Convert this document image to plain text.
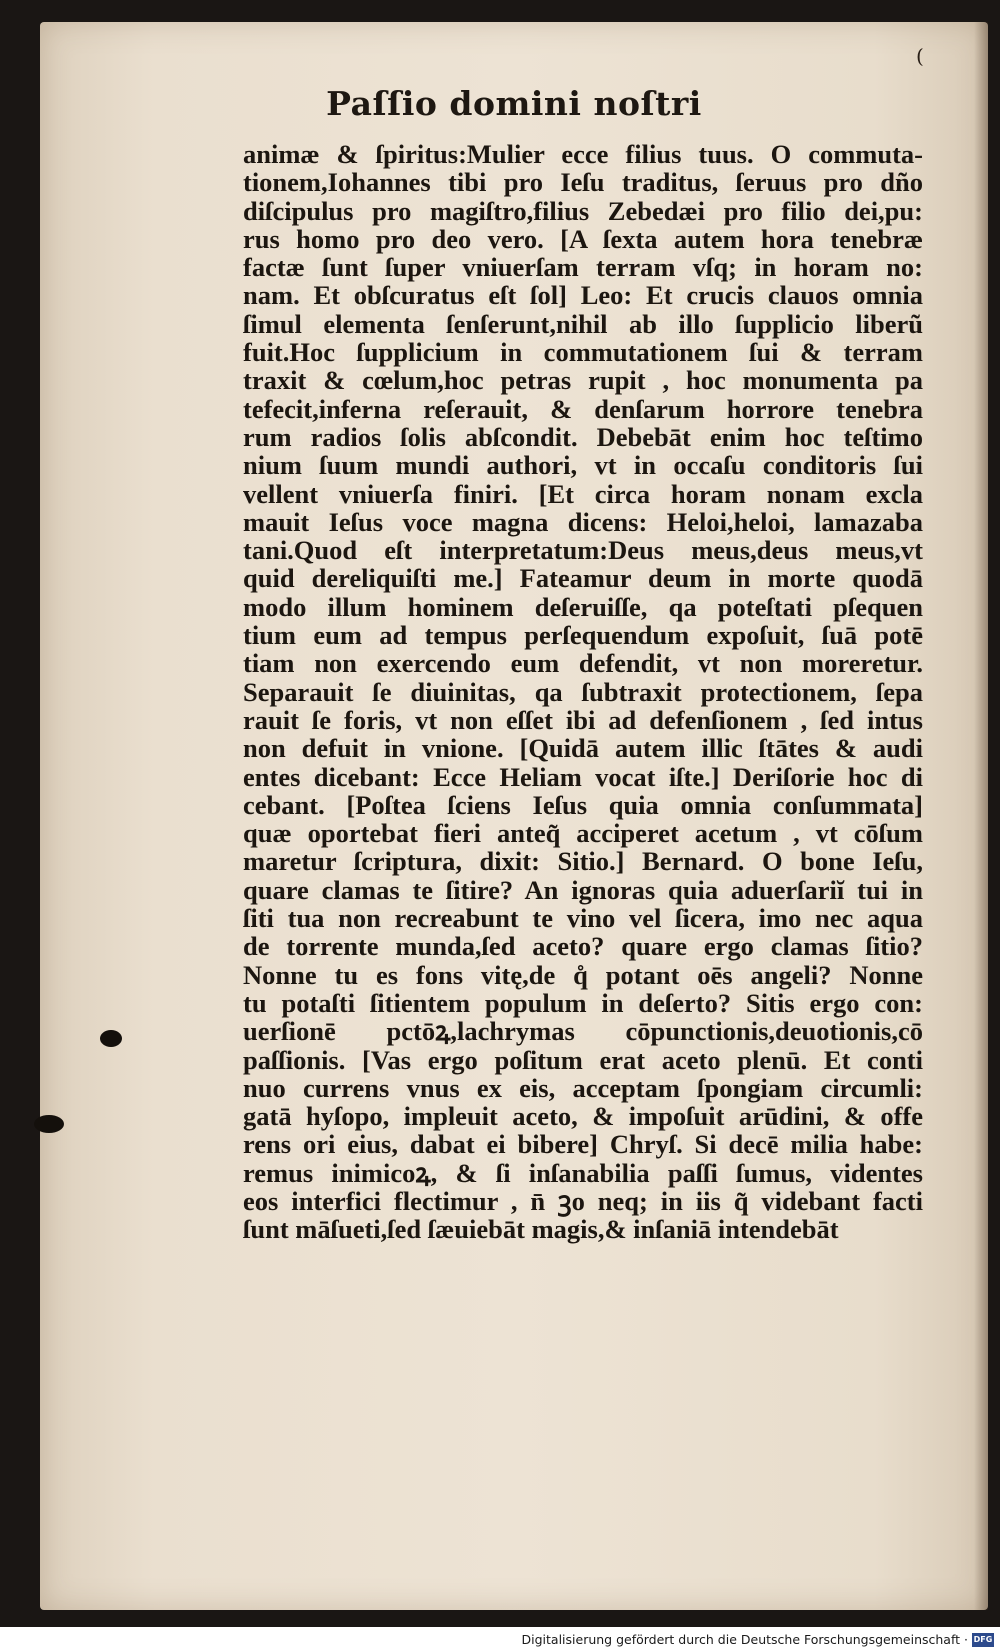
(
Paſſio domini noſtri
animæ & ſpiritus:Mulier ecce filius tuus. O commuta‑
tionem,Iohannes tibi pro Ieſu traditus, ſeruus pro dño
diſcipulus pro magiſtro,filius Zebedæi pro filio dei,pu:
rus homo pro deo vero. [A ſexta autem hora tenebræ
factæ ſunt ſuper vniuerſam terram vſq; in horam no:
nam. Et obſcuratus eſt ſol] Leo: Et crucis clauos omnia
ſimul elementa ſenſerunt,nihil ab illo ſupplicio liberũ
fuit.Hoc ſupplicium in commutationem ſui & terram
traxit & cœlum,hoc petras rupit , hoc monumenta pa
tefecit,inferna reſerauit, & denſarum horrore tenebra
rum radios ſolis abſcondit. Debebāt enim hoc teſtimo
nium ſuum mundi authori, vt in occaſu conditoris ſui
vellent vniuerſa finiri. [Et circa horam nonam excla
mauit Ieſus voce magna dicens: Heloi,heloi, lamazaba
tani.Quod eſt interpretatum:Deus meus,deus meus,vt
quid dereliquiſti me.] Fateamur deum in morte quodā
modo illum hominem deſeruiſſe, qa poteſtati pſequen
tium eum ad tempus perſequendum expoſuit, ſuā potē
tiam non exercendo eum defendit, vt non moreretur.
Separauit ſe diuinitas, qa ſubtraxit protectionem, ſepa
rauit ſe foris, vt non eſſet ibi ad defenſionem , ſed intus
non defuit in vnione. [Quidā autem illic ſtātes & audi
entes dicebant: Ecce Heliam vocat iſte.] Deriſorie hoc di
cebant. [Poſtea ſciens Ieſus quia omnia conſummata]
quæ oportebat fieri anteq̃ acciperet acetum , vt cōſum
maretur ſcriptura, dixit: Sitio.] Bernard. O bone Ieſu,
quare clamas te ſitire? An ignoras quia aduerſariĭ tui in
ſiti tua non recreabunt te vino vel ſicera, imo nec aqua
de torrente munda,ſed aceto? quare ergo clamas ſitio?
Nonne tu es fons vitę,de q̊ potant oēs angeli? Nonne
tu potaſti ſitientem populum in deſerto? Sitis ergo con:
uerſionē pctōꝝ,lachrymas cōpunctionis,deuotionis,cō
paſſionis. [Vas ergo poſitum erat aceto plenū. Et conti
nuo currens vnus ex eis, acceptam ſpongiam circumli:
gatā hyſopo, impleuit aceto, & impoſuit arūdini, & offe
rens ori eius, dabat ei bibere] Chryſ. Si decē milia habe:
remus inimicoꝝ, & ſi inſanabilia paſſi ſumus, videntes
eos interfici flectimur , n̄ ꝫo neq; in iis q̃ videbant facti
ſunt māſueti,ſed ſæuiebāt magis,& inſaniā intendebāt
Digitalisierung gefördert durch die Deutsche Forschungsgemeinschaft · DFG
